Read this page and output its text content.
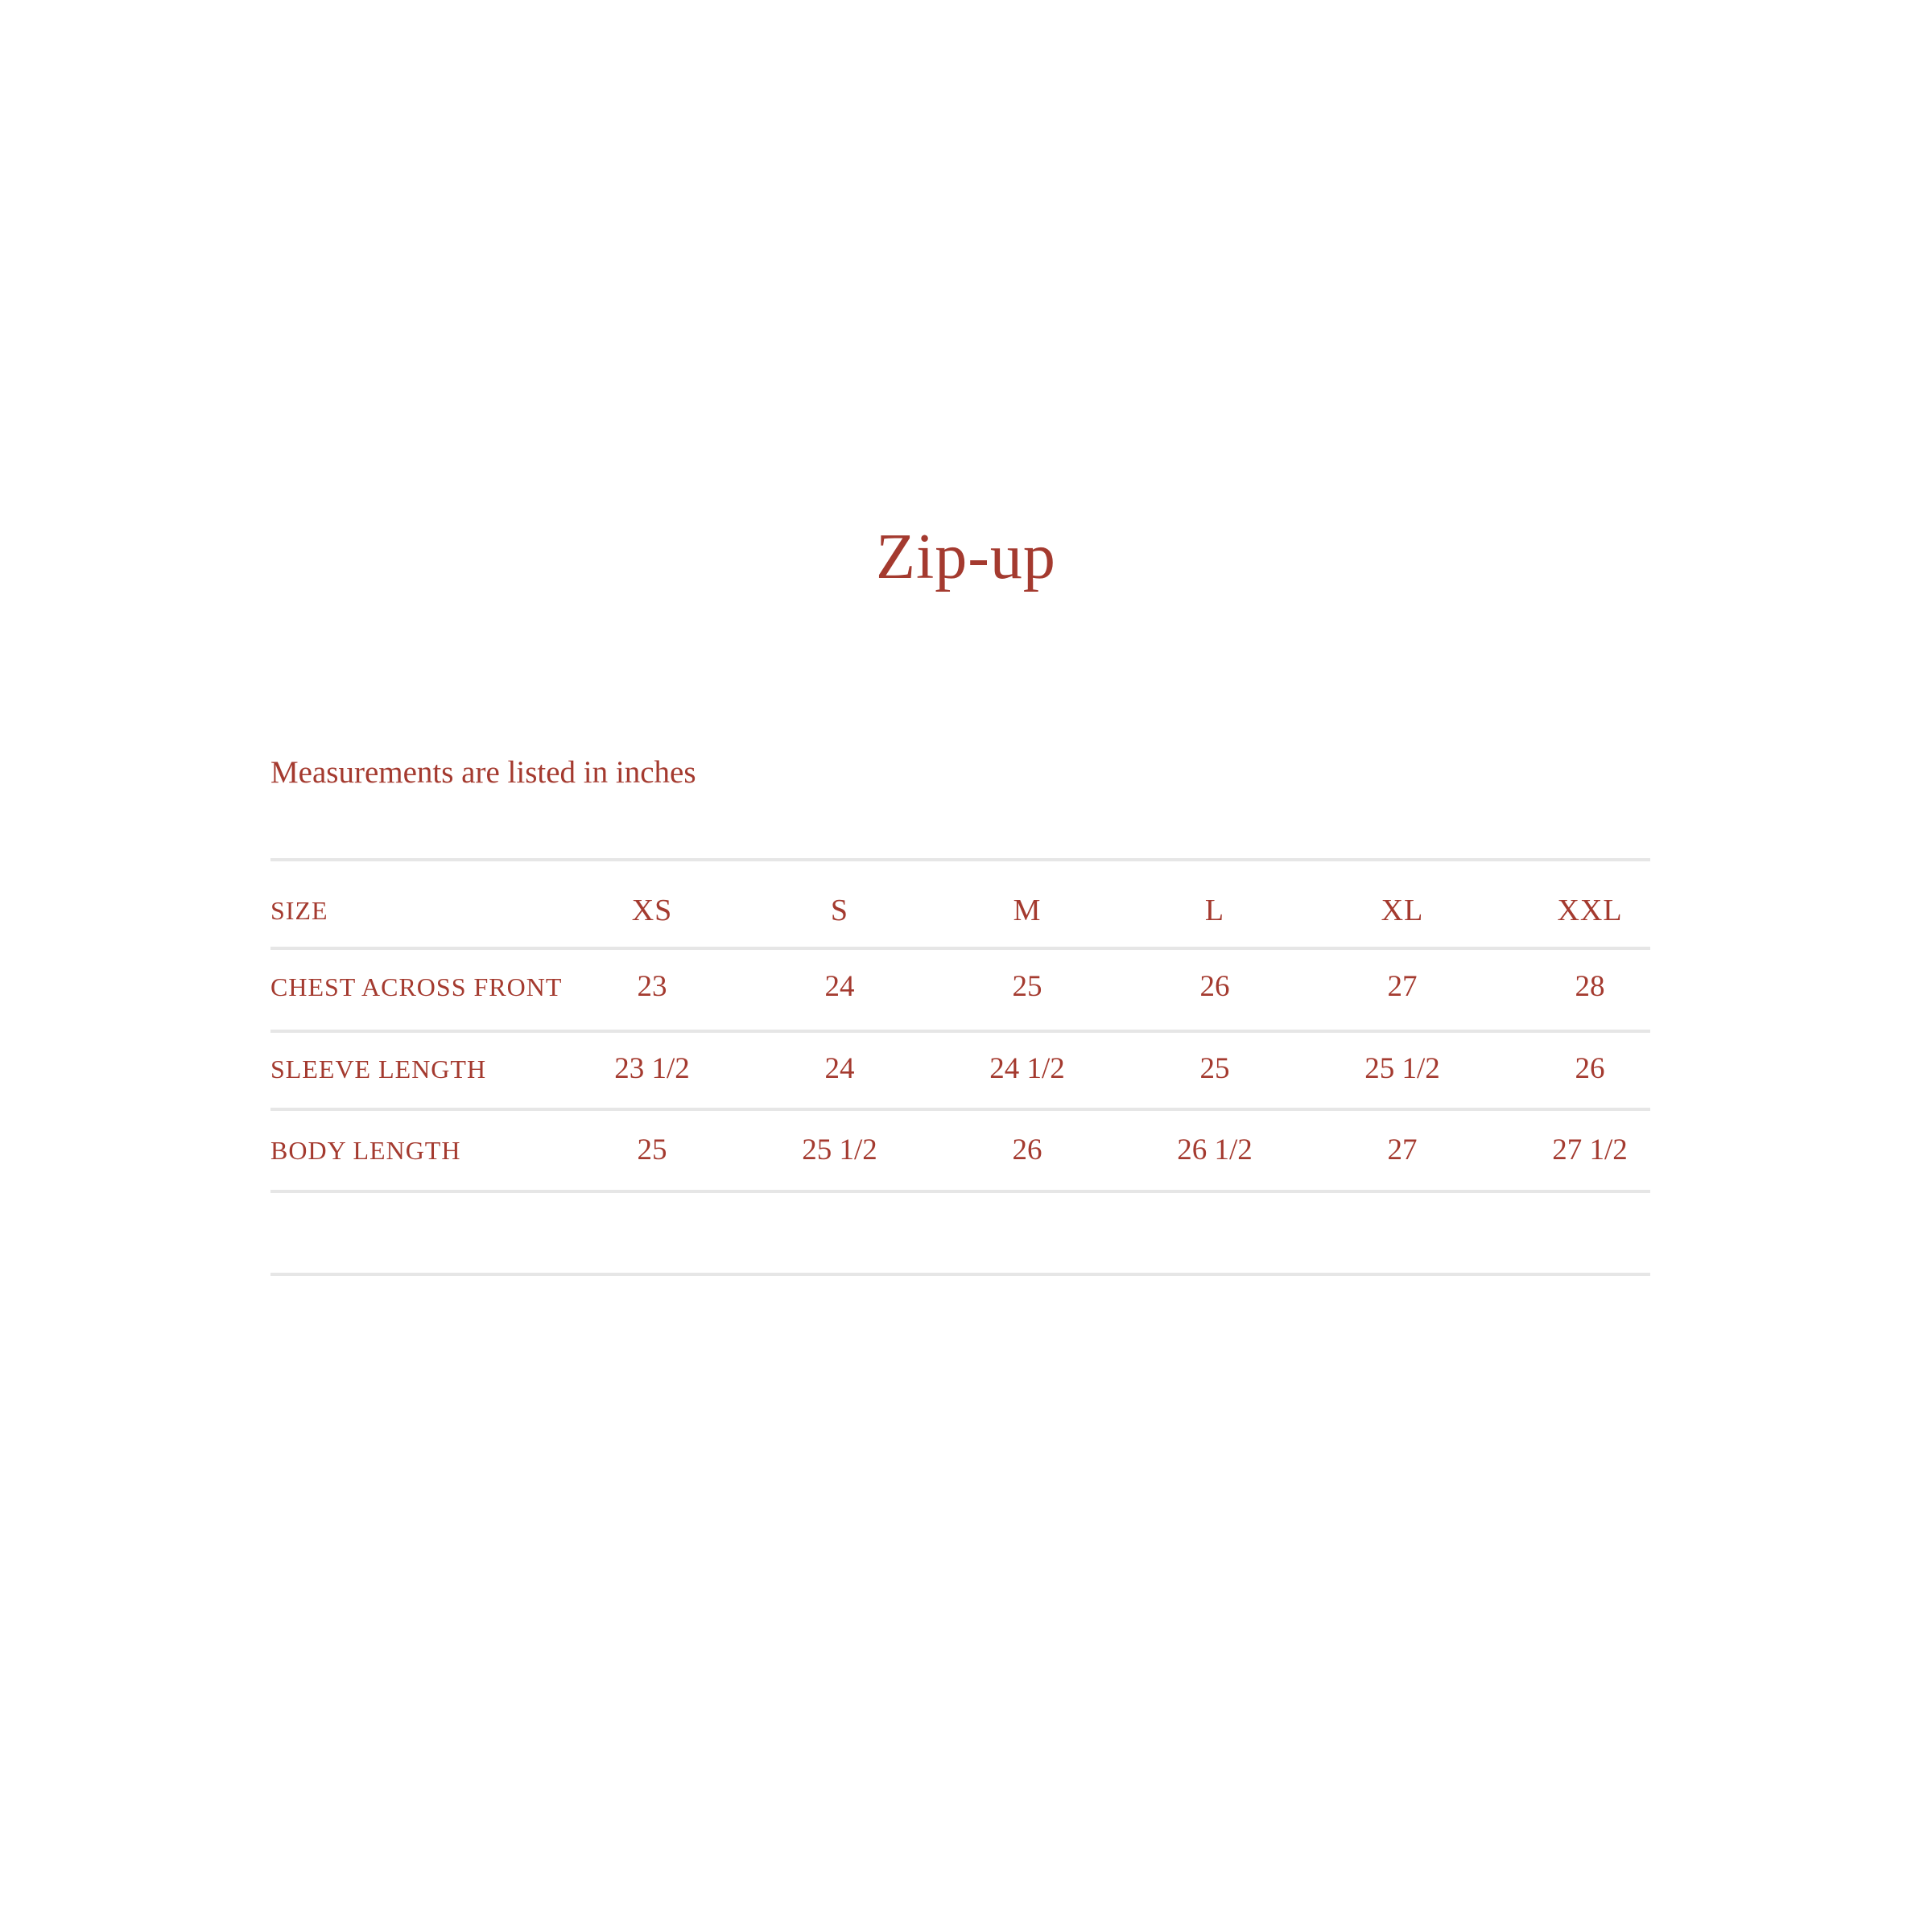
Zip-up

Measurements are listed in inches

SIZE	XS	S	M	L	XL	XXL
CHEST ACROSS FRONT	23	24	25	26	27	28
SLEEVE LENGTH	23 1/2	24	24 1/2	25	25 1/2	26
BODY LENGTH	25	25 1/2	26	26 1/2	27	27 1/2
